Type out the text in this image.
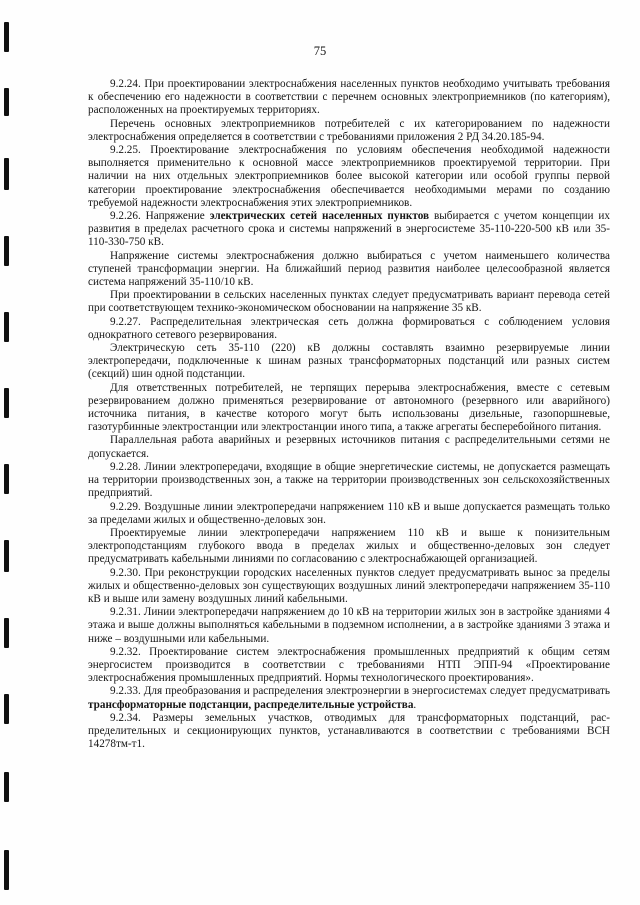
75

9.2.24. При проектировании электроснабжения населенных пунктов необходимо учитывать требования к обеспечению его надежности в соответствии с перечнем основных электроприемников (по категориям), расположенных на проектируемых территориях.

Перечень основных электроприемников потребителей с их категорированием по надежности электроснабжения определяется в соответствии с требованиями приложения 2 РД 34.20.185-94.

9.2.25. Проектирование электроснабжения по условиям обеспечения необходимой надежности выполняется применительно к основной массе электроприемников проектируемой территории. При наличии на них отдельных электроприемников более высокой категории или особой группы первой категории проектирование электроснабжения обеспечивается необходимыми мерами по созданию требуемой надежности электроснабжения этих электроприемников.

9.2.26. Напряжение электрических сетей населенных пунктов выбирается с учетом концепции их развития в пределах расчетного срока и системы напряжений в энергосистеме 35-110-220-500 кВ или 35-110-330-750 кВ.

Напряжение системы электроснабжения должно выбираться с учетом наименьшего количества ступеней трансформации энергии. На ближайший период развития наиболее целесообразной является система напряжений 35-110/10 кВ.

При проектировании в сельских населенных пунктах следует предусматривать вариант перевода сетей при соответствующем технико-экономическом обосновании на напряжение 35 кВ.

9.2.27. Распределительная электрическая сеть должна формироваться с соблюдением условия однократного сетевого резервирования.

Электрическую сеть 35-110 (220) кВ должны составлять взаимно резервируемые линии электропередачи, подключенные к шинам разных трансформаторных подстанций или разных систем (секций) шин одной подстанции.

Для ответственных потребителей, не терпящих перерыва электроснабжения, вместе с сетевым резервированием должно применяться резервирование от автономного (резервного или аварийного) источника питания, в качестве которого могут быть использованы дизельные, газопоршневые, газотурбинные электростанции или электростанции иного типа, а также агрегаты бесперебойного питания.

Параллельная работа аварийных и резервных источников питания с распределительными сетями не допускается.

9.2.28. Линии электропередачи, входящие в общие энергетические системы, не допускается размещать на территории производственных зон, а также на территории производственных зон сельскохозяйственных предприятий.

9.2.29. Воздушные линии электропередачи напряжением 110 кВ и выше допускается размещать только за пределами жилых и общественно-деловых зон.

Проектируемые линии электропередачи напряжением 110 кВ и выше к понизительным электроподстанциям глубокого ввода в пределах жилых и общественно-деловых зон следует предусматривать кабельными линиями по согласованию с электроснабжающей организацией.

9.2.30. При реконструкции городских населенных пунктов следует предусматривать вынос за пределы жилых и общественно-деловых зон существующих воздушных линий электропередачи напряжением 35-110 кВ и выше или замену воздушных линий кабельными.

9.2.31. Линии электропередачи напряжением до 10 кВ на территории жилых зон в застройке зданиями 4 этажа и выше должны выполняться кабельными в подземном исполнении, а в застройке зданиями 3 этажа и ниже – воздушными или кабельными.

9.2.32. Проектирование систем электроснабжения промышленных предприятий к общим сетям энергосистем производится в соответствии с требованиями НТП ЭПП-94 «Проектирование электроснабжения промышленных предприятий. Нормы технологического проектирования».

9.2.33. Для преобразования и распределения электроэнергии в энергосистемах следует предусматривать трансформаторные подстанции, распределительные устройства.

9.2.34. Размеры земельных участков, отводимых для трансформаторных подстанций, распределительных и секционирующих пунктов, устанавливаются в соответствии с требованиями ВСН 14278тм-т1.
